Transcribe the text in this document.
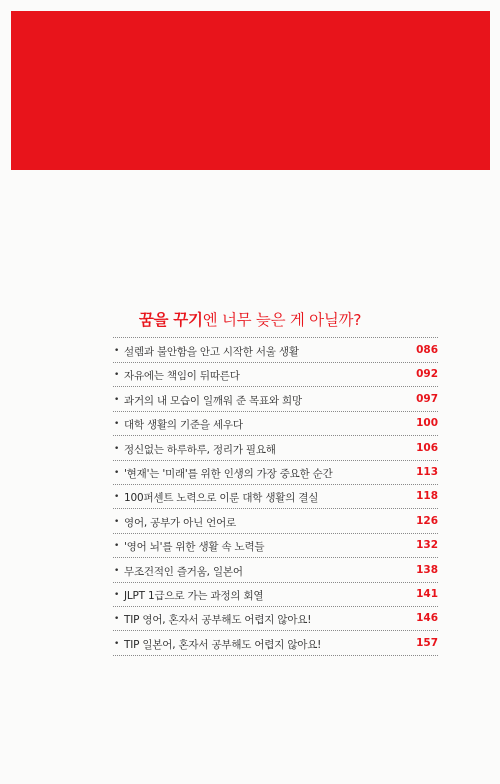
꿈을 꾸기엔 너무 늦은 게 아닐까?
• 설렘과 불안함을 안고 시작한 서울 생활	086
• 자유에는 책임이 뒤따른다	092
• 과거의 내 모습이 일깨워 준 목표와 희망	097
• 대학 생활의 기준을 세우다	100
• 정신없는 하루하루, 정리가 필요해	106
• '현재'는 '미래'를 위한 인생의 가장 중요한 순간	113
• 100퍼센트 노력으로 이룬 대학 생활의 결실	118
• 영어, 공부가 아닌 언어로	126
• '영어 뇌'를 위한 생활 속 노력들	132
• 무조건적인 즐거움, 일본어	138
• JLPT 1급으로 가는 과정의 회열	141
• TIP 영어, 혼자서 공부해도 어렵지 않아요!	146
• TIP 일본어, 혼자서 공부해도 어렵지 않아요!	157
